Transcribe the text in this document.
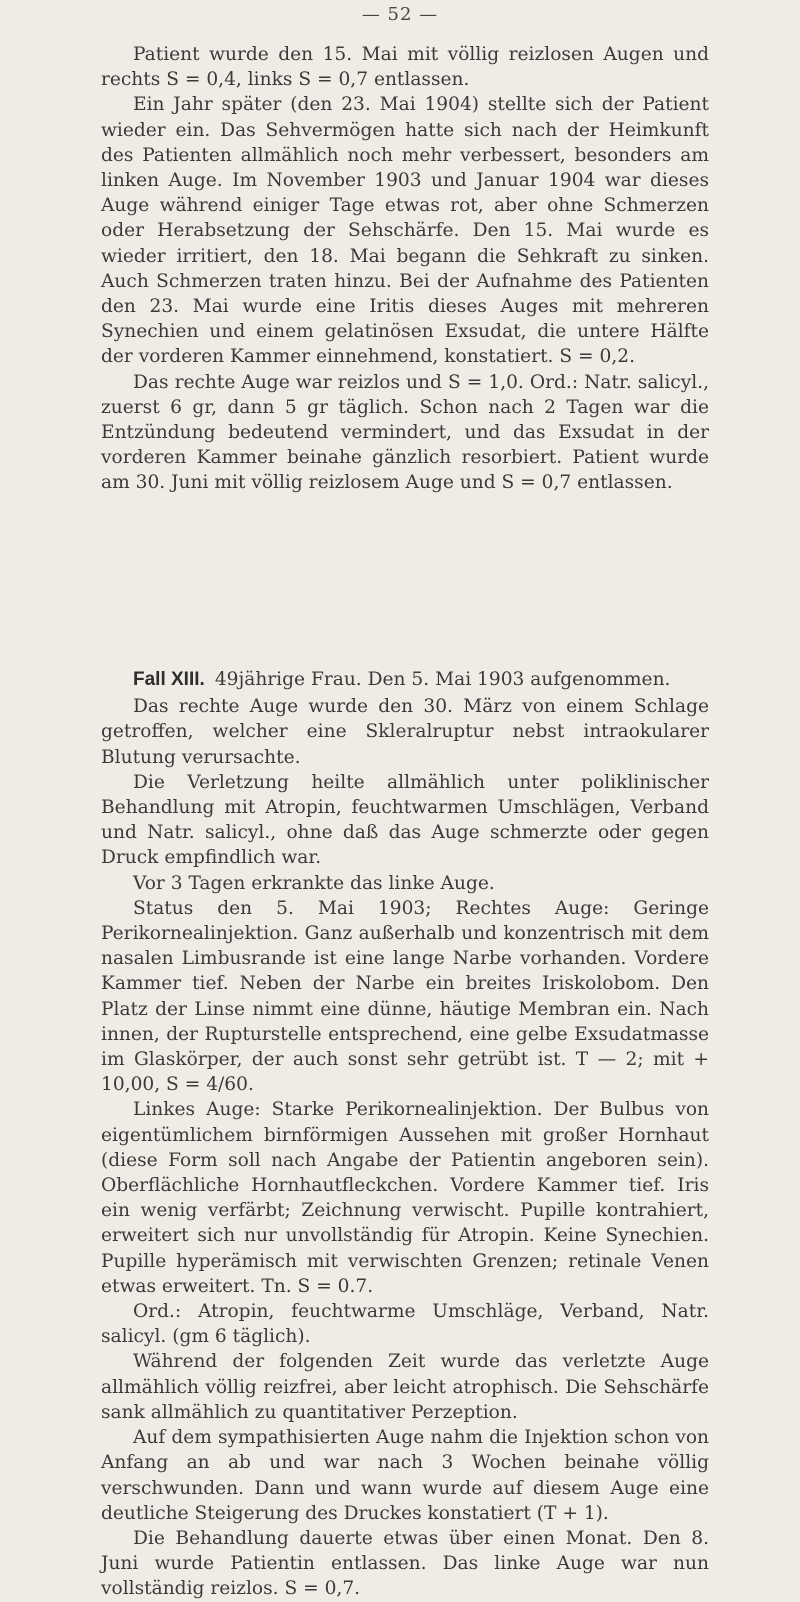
— 52 —

Patient wurde den 15. Mai mit völlig reizlosen Augen und rechts S = 0,4, links S = 0,7 entlassen.

Ein Jahr später (den 23. Mai 1904) stellte sich der Patient wieder ein. Das Sehvermögen hatte sich nach der Heimkunft des Patienten allmählich noch mehr verbessert, besonders am linken Auge. Im November 1903 und Januar 1904 war dieses Auge während einiger Tage etwas rot, aber ohne Schmerzen oder Herabsetzung der Sehschärfe. Den 15. Mai wurde es wieder irritiert, den 18. Mai begann die Sehkraft zu sinken. Auch Schmerzen traten hinzu. Bei der Aufnahme des Patienten den 23. Mai wurde eine Iritis dieses Auges mit mehreren Synechien und einem gelatinösen Exsudat, die untere Hälfte der vorderen Kammer einnehmend, konstatiert. S = 0,2.

Das rechte Auge war reizlos und S = 1,0. Ord.: Natr. salicyl., zuerst 6 gr, dann 5 gr täglich. Schon nach 2 Tagen war die Entzündung bedeutend vermindert, und das Exsudat in der vorderen Kammer beinahe gänzlich resorbiert. Patient wurde am 30. Juni mit völlig reizlosem Auge und S = 0,7 entlassen.

Fall XIII. 49jährige Frau. Den 5. Mai 1903 aufgenommen.

Das rechte Auge wurde den 30. März von einem Schlage getroffen, welcher eine Skleralruptur nebst intraokularer Blutung verursachte.

Die Verletzung heilte allmählich unter poliklinischer Behandlung mit Atropin, feuchtwarmen Umschlägen, Verband und Natr. salicyl., ohne daß das Auge schmerzte oder gegen Druck empfindlich war.

Vor 3 Tagen erkrankte das linke Auge.

Status den 5. Mai 1903; Rechtes Auge: Geringe Perikornealinjektion. Ganz außerhalb und konzentrisch mit dem nasalen Limbusrande ist eine lange Narbe vorhanden. Vordere Kammer tief. Neben der Narbe ein breites Iriskolobom. Den Platz der Linse nimmt eine dünne, häutige Membran ein. Nach innen, der Rupturstelle entsprechend, eine gelbe Exsudatmasse im Glaskörper, der auch sonst sehr getrübt ist. T — 2; mit + 10,00, S = 4/60.

Linkes Auge: Starke Perikornealinjektion. Der Bulbus von eigentümlichem birnförmigen Aussehen mit großer Hornhaut (diese Form soll nach Angabe der Patientin angeboren sein). Oberflächliche Hornhautfleckchen. Vordere Kammer tief. Iris ein wenig verfärbt; Zeichnung verwischt. Pupille kontrahiert, erweitert sich nur unvollständig für Atropin. Keine Synechien. Pupille hyperämisch mit verwischten Grenzen; retinale Venen etwas erweitert. Tn. S = 0.7.

Ord.: Atropin, feuchtwarme Umschläge, Verband, Natr. salicyl. (gm 6 täglich).

Während der folgenden Zeit wurde das verletzte Auge allmählich völlig reizfrei, aber leicht atrophisch. Die Sehschärfe sank allmählich zu quantitativer Perzeption.

Auf dem sympathisierten Auge nahm die Injektion schon von Anfang an ab und war nach 3 Wochen beinahe völlig verschwunden. Dann und wann wurde auf diesem Auge eine deutliche Steigerung des Druckes konstatiert (T + 1).

Die Behandlung dauerte etwas über einen Monat. Den 8. Juni wurde Patientin entlassen. Das linke Auge war nun vollständig reizlos. S = 0,7.
